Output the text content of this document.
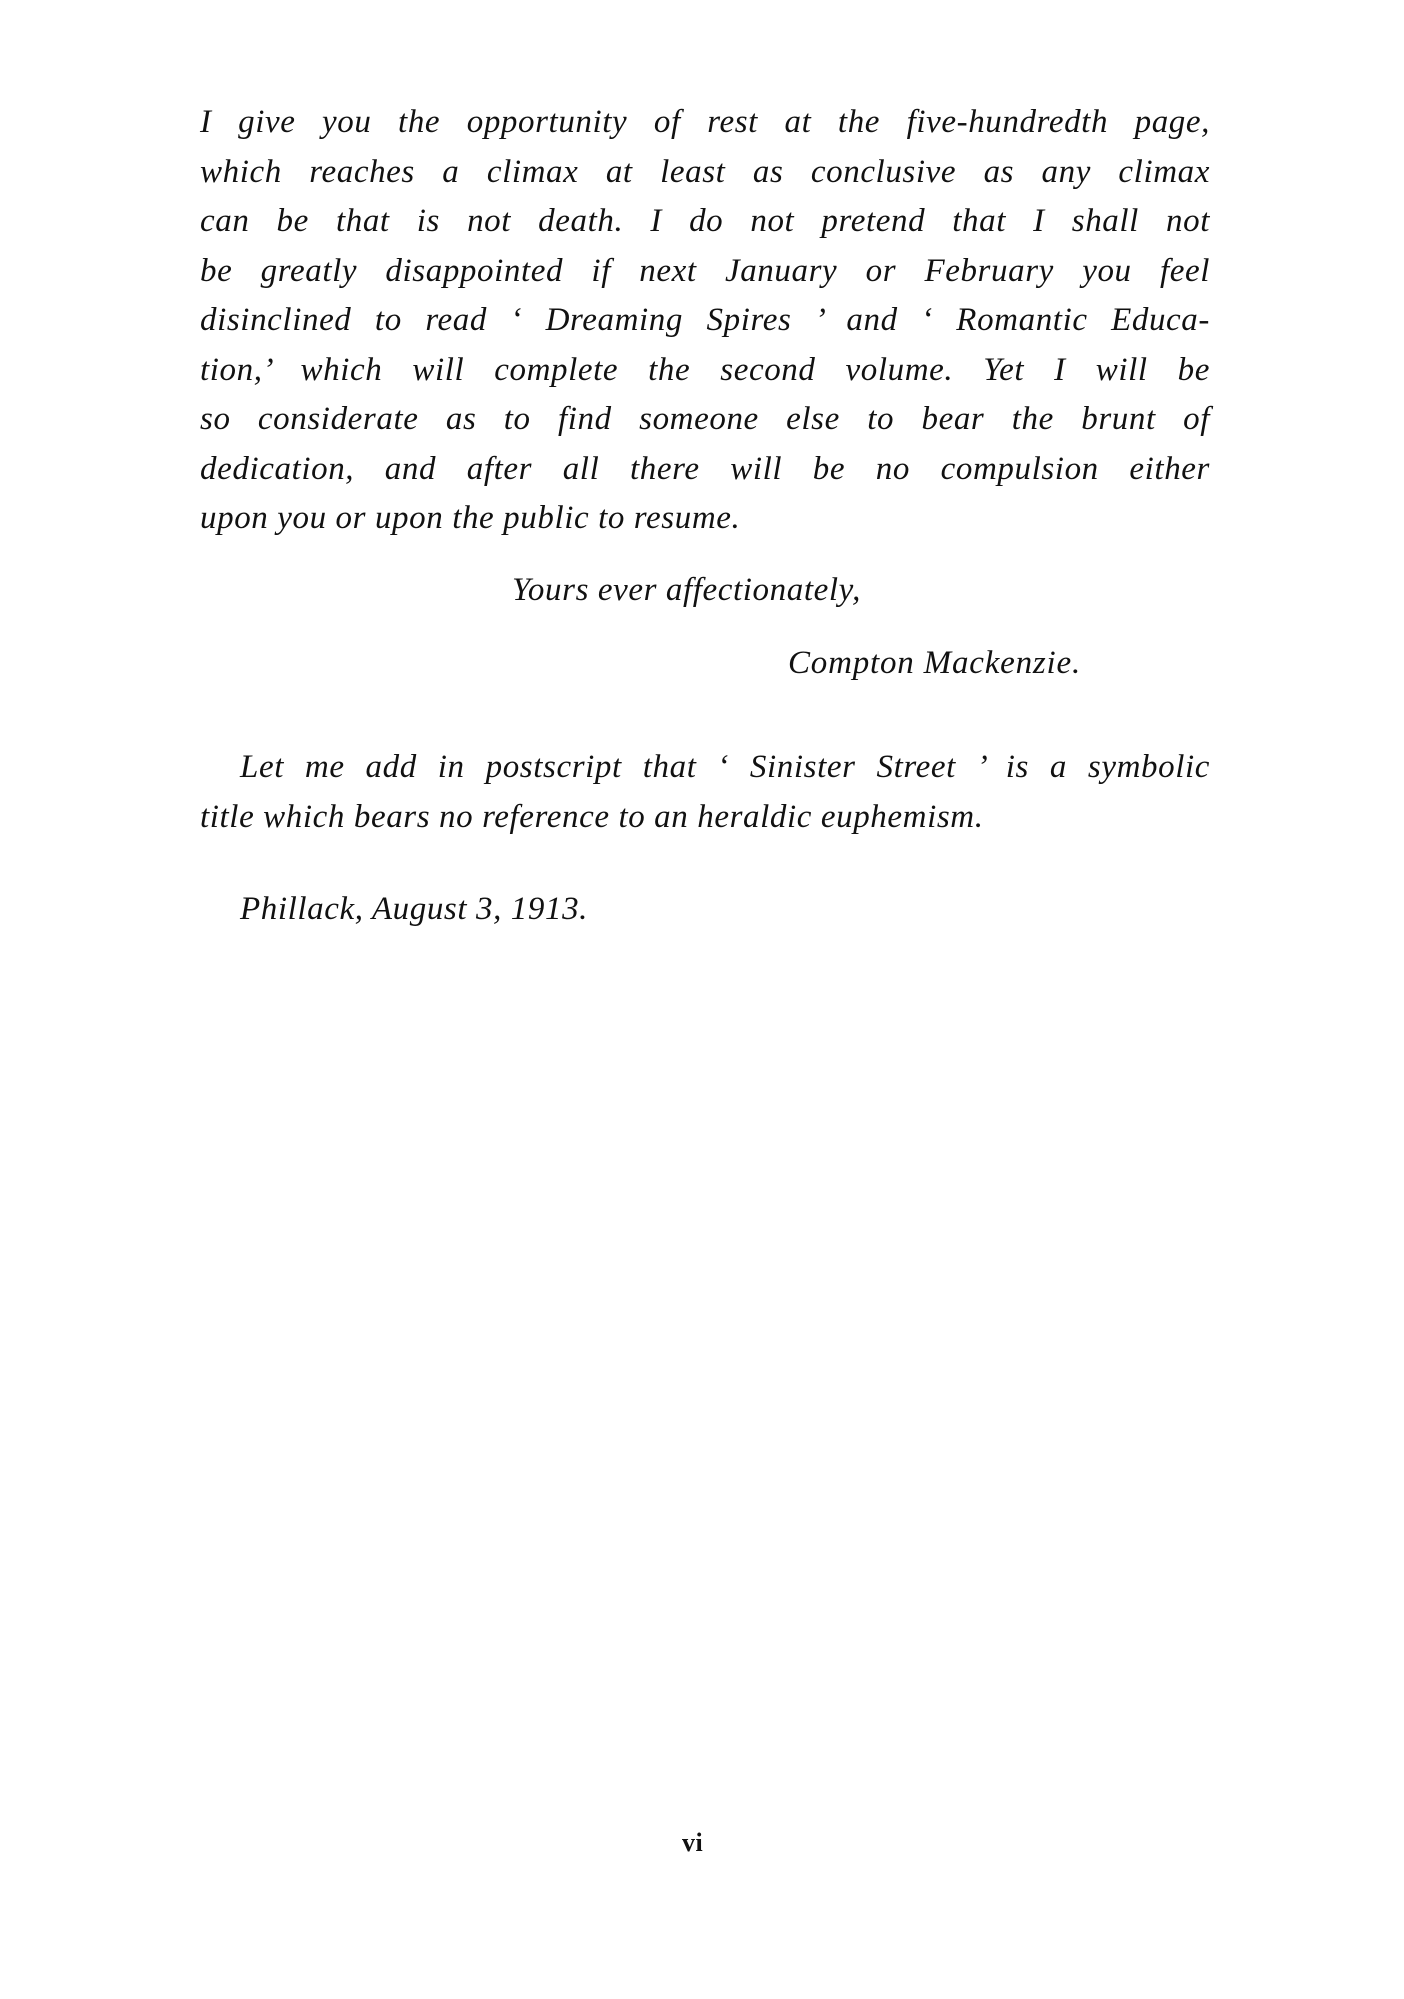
I give you the opportunity of rest at the five-hundredth page,
which reaches a climax at least as conclusive as any climax
can be that is not death. I do not pretend that I shall not
be greatly disappointed if next January or February you feel
disinclined to read ‘ Dreaming Spires ’ and ‘ Romantic Educa-
tion,’ which will complete the second volume. Yet I will be
so considerate as to find someone else to bear the brunt of
dedication, and after all there will be no compulsion either
upon you or upon the public to resume.
Yours ever affectionately,
Compton Mackenzie.
Let me add in postscript that ‘ Sinister Street ’ is a symbolic
title which bears no reference to an heraldic euphemism.
Phillack, August 3, 1913.
vi
